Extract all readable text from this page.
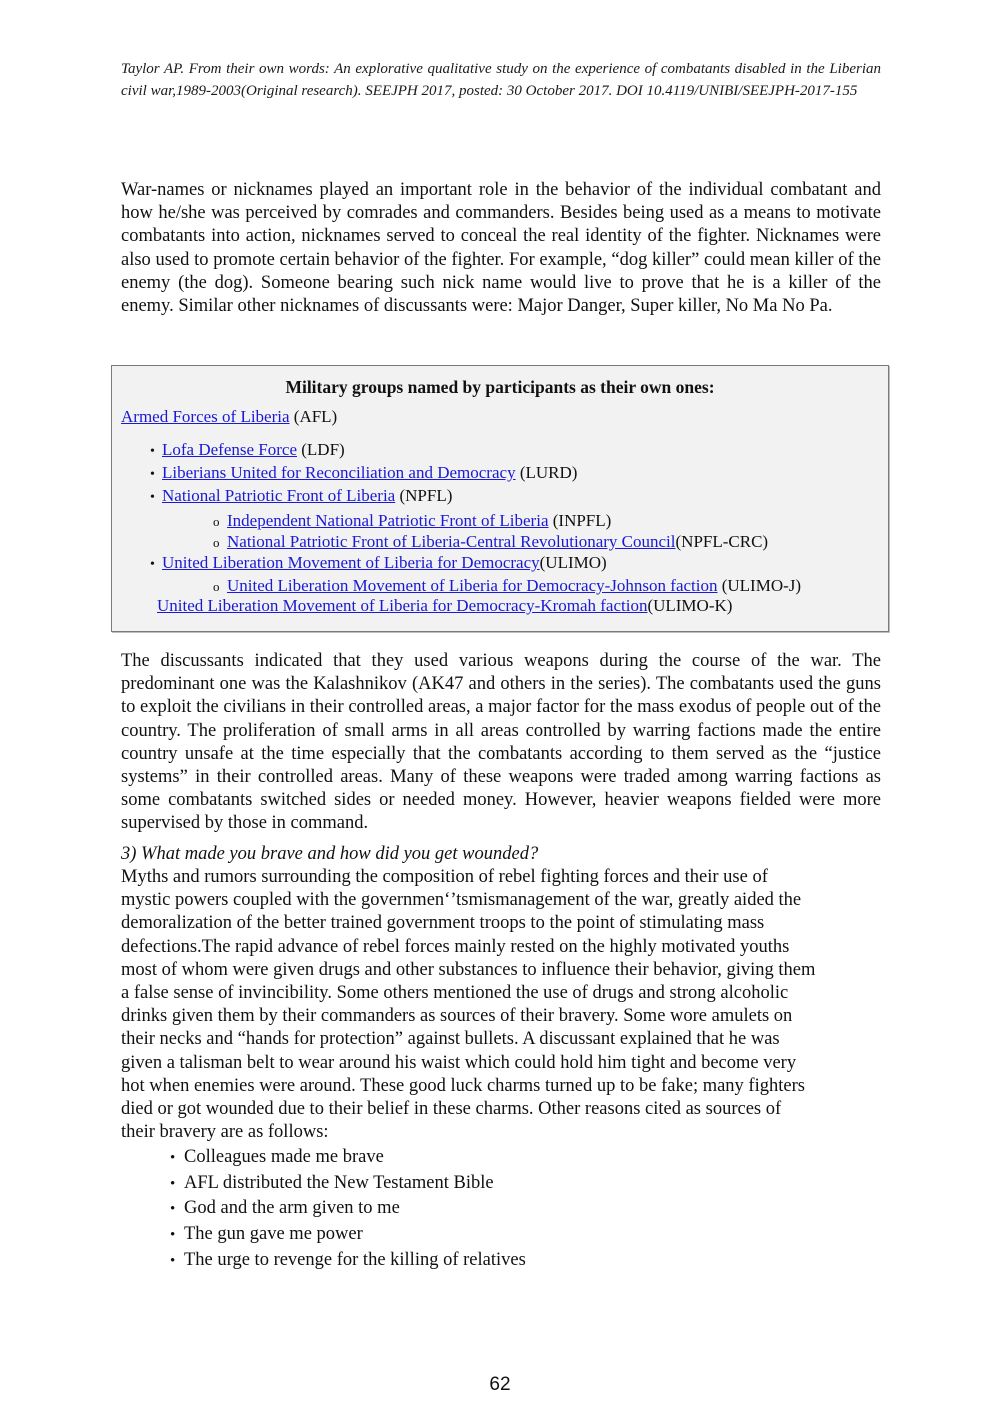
Taylor AP. From their own words: An explorative qualitative study on the experience of combatants disabled in the Liberian civil war,1989-2003(Original research). SEEJPH 2017, posted: 30 October 2017. DOI 10.4119/UNIBI/SEEJPH-2017-155
War-names or nicknames played an important role in the behavior of the individual combatant and how he/she was perceived by comrades and commanders. Besides being used as a means to motivate combatants into action, nicknames served to conceal the real identity of the fighter. Nicknames were also used to promote certain behavior of the fighter. For example, “dog killer” could mean killer of the enemy (the dog). Someone bearing such nick name would live to prove that he is a killer of the enemy. Similar other nicknames of discussants were: Major Danger, Super killer, No Ma No Pa.
Military groups named by participants as their own ones:
Armed Forces of Liberia (AFL)
• Lofa Defense Force (LDF)
• Liberians United for Reconciliation and Democracy (LURD)
• National Patriotic Front of Liberia (NPFL)
o Independent National Patriotic Front of Liberia (INPFL)
o National Patriotic Front of Liberia-Central Revolutionary Council(NPFL-CRC)
• United Liberation Movement of Liberia for Democracy(ULIMO)
o United Liberation Movement of Liberia for Democracy-Johnson faction (ULIMO-J)
United Liberation Movement of Liberia for Democracy-Kromah faction(ULIMO-K)
The discussants indicated that they used various weapons during the course of the war. The predominant one was the Kalashnikov (AK47 and others in the series). The combatants used the guns to exploit the civilians in their controlled areas, a major factor for the mass exodus of people out of the country. The proliferation of small arms in all areas controlled by warring factions made the entire country unsafe at the time especially that the combatants according to them served as the “justice systems” in their controlled areas. Many of these weapons were traded among warring factions as some combatants switched sides or needed money. However, heavier weapons fielded were more supervised by those in command.
3) What made you brave and how did you get wounded?
Myths and rumors surrounding the composition of rebel fighting forces and their use of
mystic powers coupled with the governmen‘’tsmismanagement of the war, greatly aided the
demoralization of the better trained government troops to the point of stimulating mass
defections.The rapid advance of rebel forces mainly rested on the highly motivated youths
most of whom were given drugs and other substances to influence their behavior, giving them
a false sense of invincibility. Some others mentioned the use of drugs and strong alcoholic
drinks given them by their commanders as sources of their bravery. Some wore amulets on
their necks and “hands for protection” against bullets. A discussant explained that he was
given a talisman belt to wear around his waist which could hold him tight and become very
hot when enemies were around. These good luck charms turned up to be fake; many fighters
died or got wounded due to their belief in these charms. Other reasons cited as sources of
their bravery are as follows:
• Colleagues made me brave
• AFL distributed the New Testament Bible
• God and the arm given to me
• The gun gave me power
• The urge to revenge for the killing of relatives
62
